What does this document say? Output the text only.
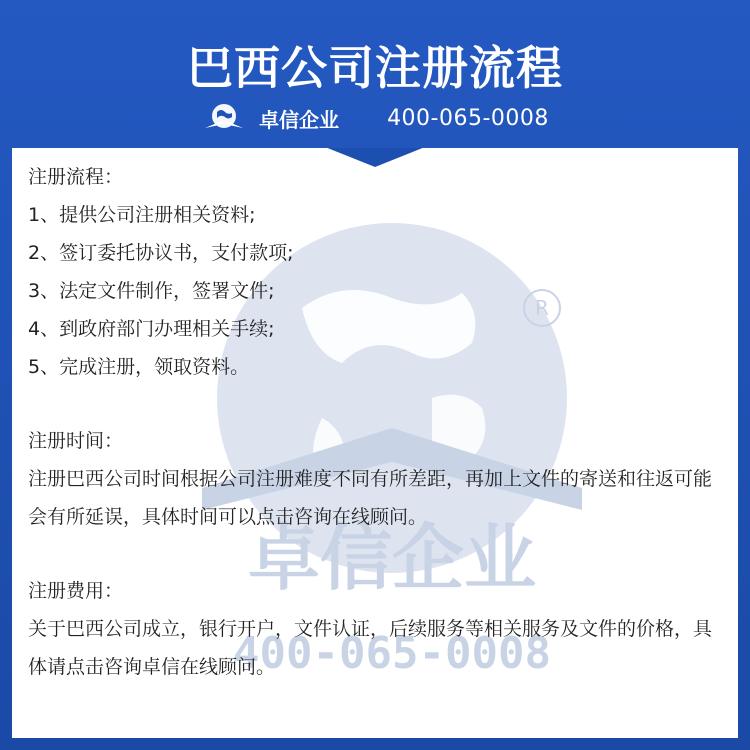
巴西公司注册流程
卓信企业 400-065-0008
R
卓信企业
400-065-0008
注册流程：
1、提供公司注册相关资料;
2、签订委托协议书，支付款项;
3、法定文件制作，签署文件;
4、到政府部门办理相关手续;
5、完成注册，领取资料。
注册时间：
注册巴西公司时间根据公司注册难度不同有所差距，再加上文件的寄送和往返可能会有所延误，具体时间可以点击咨询在线顾问。
注册费用：
关于巴西公司成立，银行开户，文件认证，后续服务等相关服务及文件的价格，具体请点击咨询卓信在线顾问。
